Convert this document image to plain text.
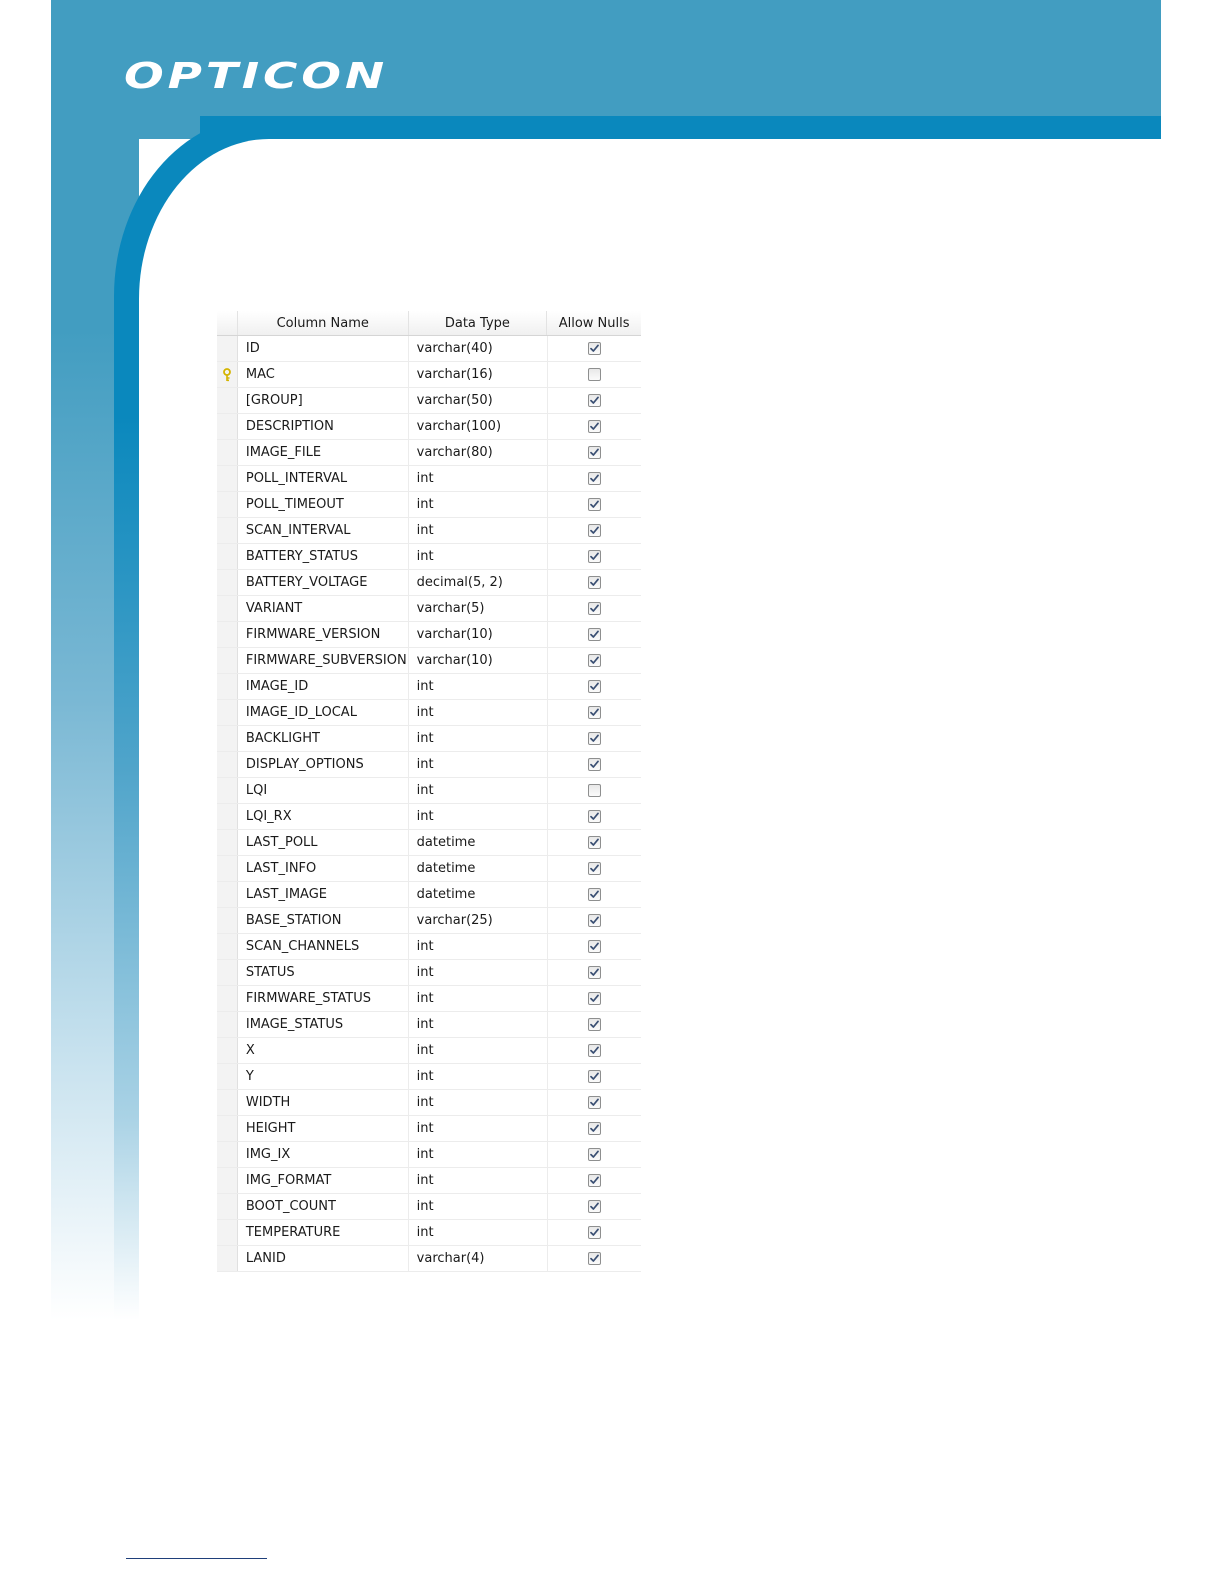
OPTICON

Column Name	Data Type	Allow Nulls
ID	varchar(40)
MAC	varchar(16)
[GROUP]	varchar(50)
DESCRIPTION	varchar(100)
IMAGE_FILE	varchar(80)
POLL_INTERVAL	int
POLL_TIMEOUT	int
SCAN_INTERVAL	int
BATTERY_STATUS	int
BATTERY_VOLTAGE	decimal(5, 2)
VARIANT	varchar(5)
FIRMWARE_VERSION	varchar(10)
FIRMWARE_SUBVERSION varchar(10)
IMAGE_ID	int
IMAGE_ID_LOCAL	int
BACKLIGHT	int
DISPLAY_OPTIONS	int
LQI	int
LQI_RX	int
LAST_POLL	datetime
LAST_INFO	datetime
LAST_IMAGE	datetime
BASE_STATION	varchar(25)
SCAN_CHANNELS	int
STATUS	int
FIRMWARE_STATUS	int
IMAGE_STATUS	int
X	int
Y	int
WIDTH	int
HEIGHT	int
IMG_IX	int
IMG_FORMAT	int
BOOT_COUNT	int
TEMPERATURE	int
LANID	varchar(4)
